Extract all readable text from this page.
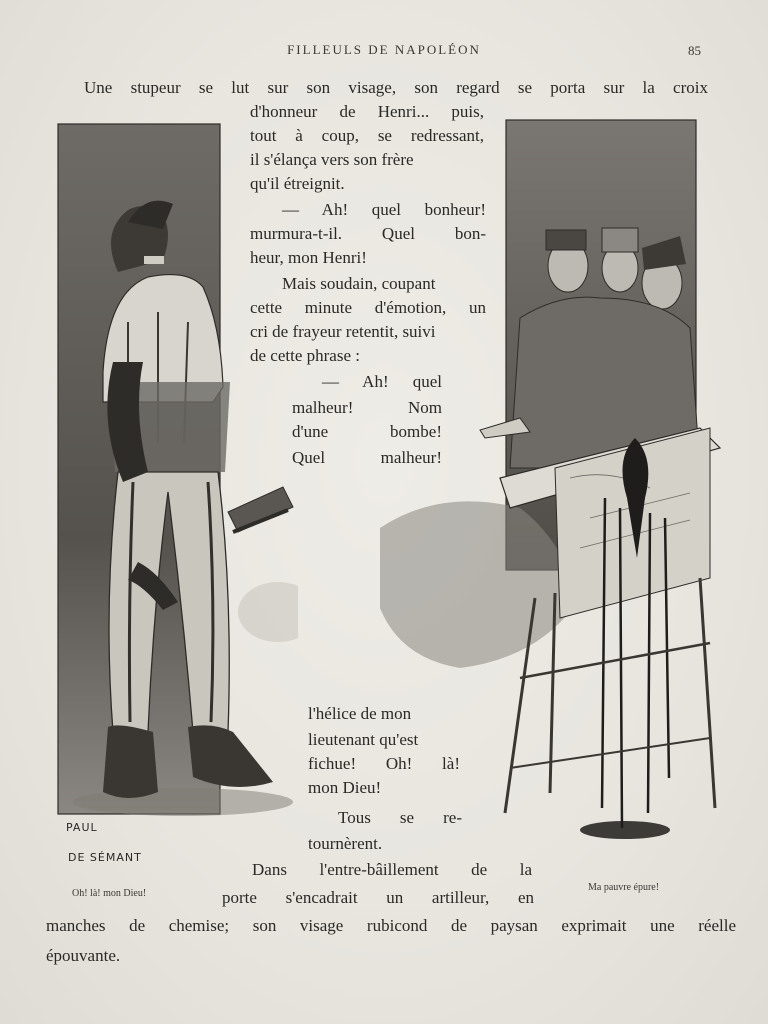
FILLEULS DE NAPOLÉON	85
Une stupeur se lut sur son visage, son regard se porta sur la croix
d'honneur de Henri... puis,
tout à coup, se redressant,
il s'élança vers son frère
qu'il étreignit.
— Ah! quel bonheur!
murmura-t-il. Quel bon-
heur, mon Henri!
Mais soudain, coupant
cette minute d'émotion, un
cri de frayeur retentit, suivi
de cette phrase :
— Ah! quel
malheur! Nom
d'une bombe!
Quel malheur!
l'hélice de mon
lieutenant qu'est
fichue! Oh! là!
mon Dieu!
Tous se re-
tournèrent.
Dans l'entre-bâillement de la
porte s'encadrait un artilleur, en
manches de chemise; son visage rubicond de paysan exprimait une réelle
épouvante.
PAUL
DE SÉMANT
Oh! là! mon Dieu!
Ma pauvre épure!
